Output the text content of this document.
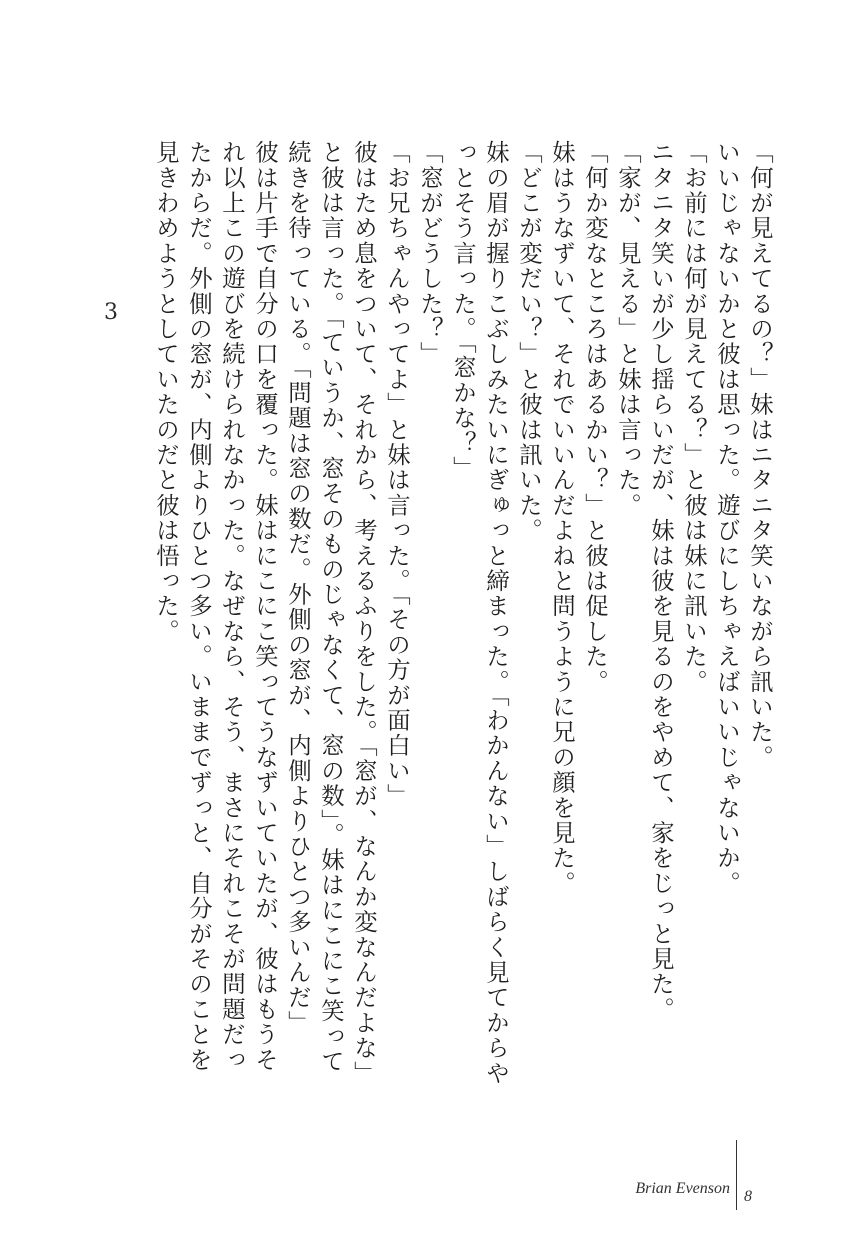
3	「何が見えてるの？」妹はニタニタ笑いながら訊いた。

いいじゃないかと彼は思った。遊びにしちゃえばいいじゃないか。

「お前には何が見えてる？」と彼は妹に訊いた。

ニタニタ笑いが少し揺らいだが、妹は彼を見るのをやめて、家をじっと見た。

「家が、見える」と妹は言った。

「何か変なところはあるかい？」と彼は促した。

妹はうなずいて、それでいいんだよねと問うように兄の顔を見た。

「どこが変だい？」と彼は訊いた。

妹の眉が握りこぶしみたいにぎゅっと締まった。「わかんない」しばらく見てからやっとそう言った。「窓かな？」

「窓がどうした？」

「お兄ちゃんやってよ」と妹は言った。「その方が面白い」

彼はため息をついて、それから、考えるふりをした。「窓が、なんか変なんだよな」と彼は言った。「ていうか、窓そのものじゃなくて、窓の数」。妹はにこにこ笑って続きを待っている。「問題は窓の数だ。外側の窓が、内側よりひとつ多いんだ」

彼は片手で自分の口を覆った。妹はにこにこ笑ってうなずいていたが、彼はもうそれ以上この遊びを続けられなかった。なぜなら、そう、まさにそれこそが問題だったからだ。外側の窓が、内側よりひとつ多い。いままでずっと、自分がそのことを見きわめようとしていたのだと彼は悟った。

Brian Evenson 8
